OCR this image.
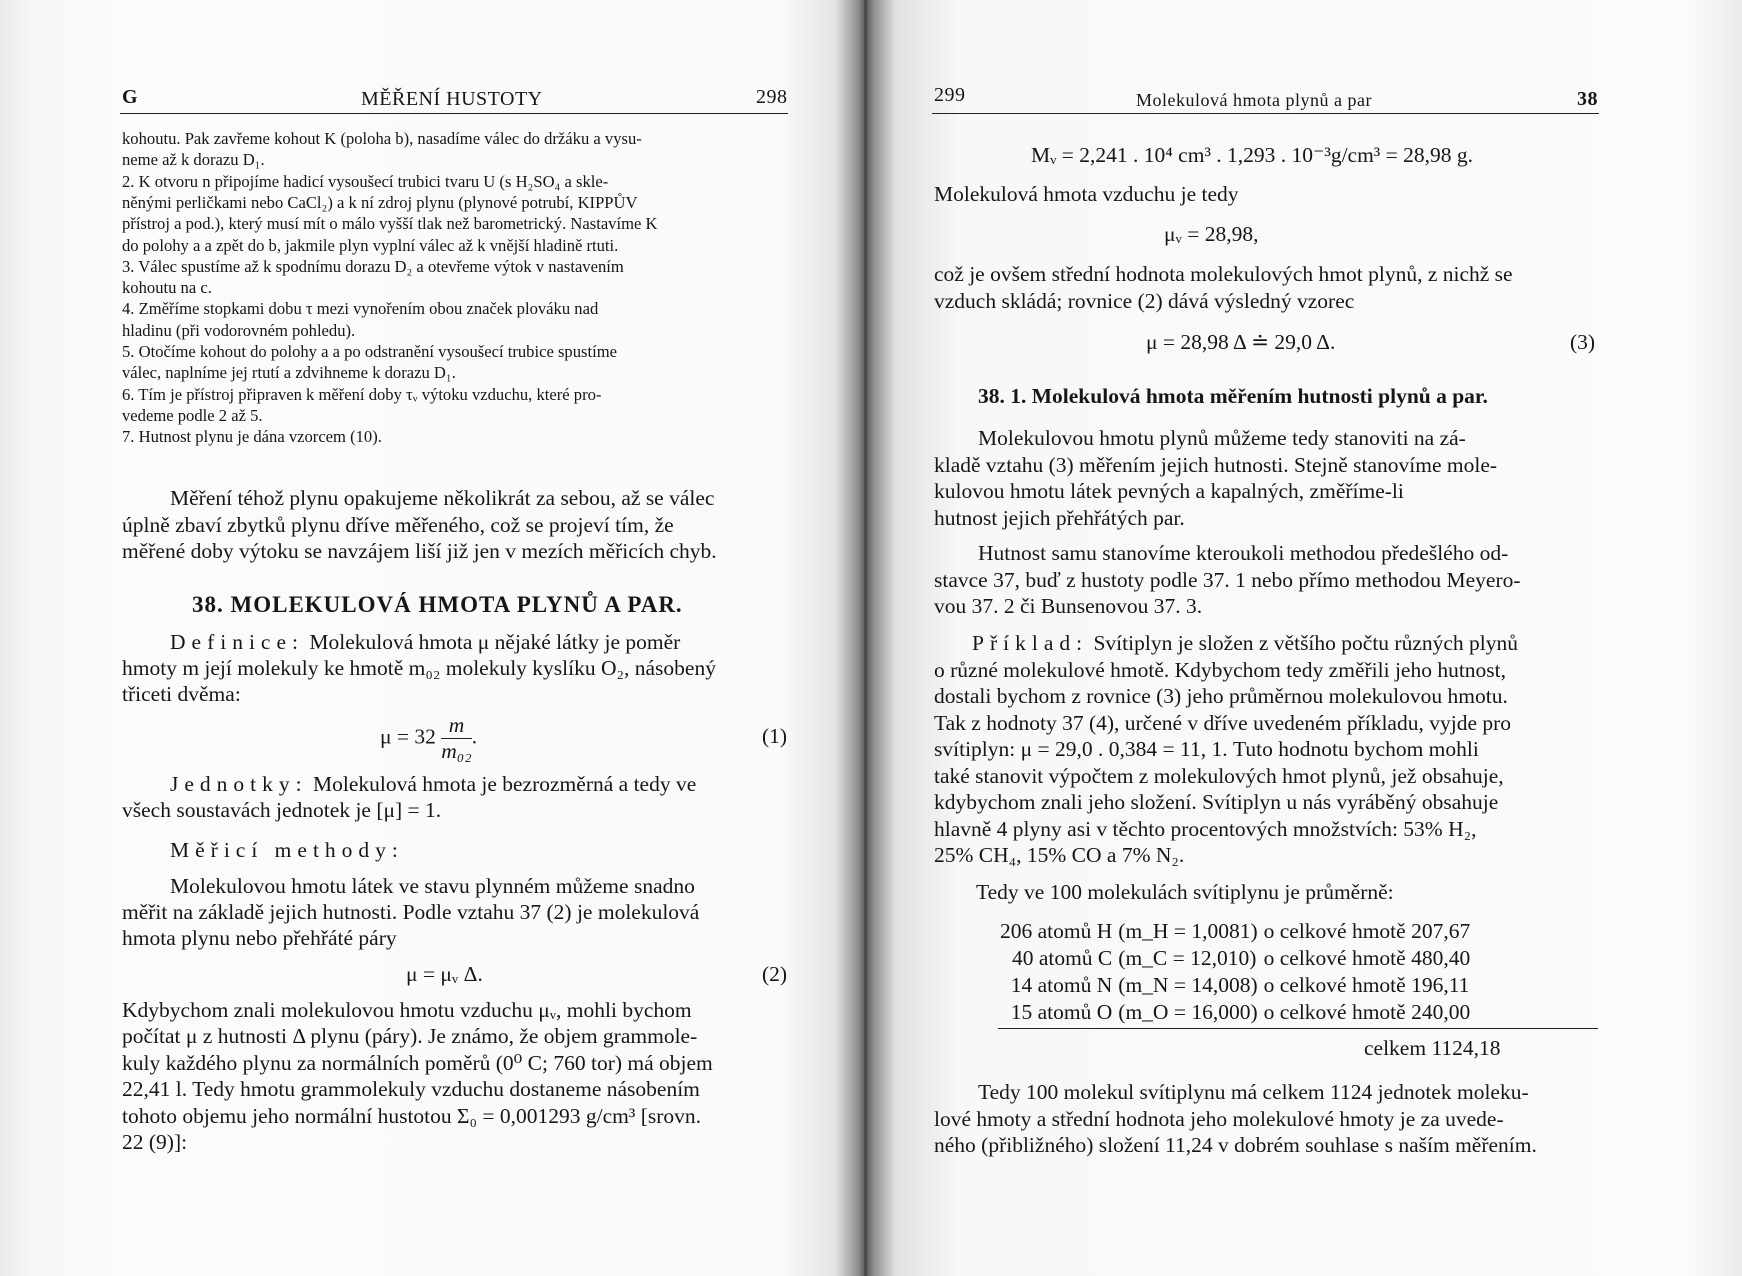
G	MĚŘENÍ HUSTOTY	298
kohoutu. Pak zavřeme kohout K (poloha b), nasadíme válec do držáku a vysu-
neme až k dorazu D₁.
2. K otvoru n připojíme hadicí vysoušecí trubici tvaru U (s H₂SO₄ a skle-
něnými perličkami nebo CaCl₂) a k ní zdroj plynu (plynové potrubí, KIPPŮV
přístroj a pod.), který musí mít o málo vyšší tlak než barometrický. Nastavíme K
do polohy a a zpět do b, jakmile plyn vyplní válec až k vnější hladině rtuti.
3. Válec spustíme až k spodnímu dorazu D₂ a otevřeme výtok v nastavením
kohoutu na c.
4. Změříme stopkami dobu τ mezi vynořením obou značek plováku nad
hladinu (při vodorovném pohledu).
5. Otočíme kohout do polohy a a po odstranění vysoušecí trubice spustíme
válec, naplníme jej rtutí a zdvihneme k dorazu D₁.
6. Tím je přístroj připraven k měření doby τᵥ výtoku vzduchu, které pro-
vedeme podle 2 až 5.
7. Hutnost plynu je dána vzorcem (10).
Měření téhož plynu opakujeme několikrát za sebou, až se válec
úplně zbaví zbytků plynu dříve měřeného, což se projeví tím, že
měřené doby výtoku se navzájem liší již jen v mezích měřicích chyb.
38. MOLEKULOVÁ HMOTA PLYNŮ A PAR.
Definice: Molekulová hmota μ nějaké látky je poměr
hmoty m její molekuly ke hmotě m₀₂ molekuly kyslíku O₂, násobený
třiceti dvěma:
$\mu = 32 \frac{m}{\text{m₀₂}}$ .	(1)
Jednotky: Molekulová hmota je bezrozměrná a tedy ve
všech soustavách jednotek je [μ] = 1.
Měřicí methody:
Molekulovou hmotu látek ve stavu plynném můžeme snadno
měřit na základě jejich hutnosti. Podle vztahu 37 (2) je molekulová
hmota plynu nebo přehřáté páry
μ = μᵥ Δ.	(2)
Kdybychom znali molekulovou hmotu vzduchu μᵥ, mohli bychom
počítat μ z hutnosti Δ plynu (páry). Je známo, že objem grammole-
kuly každého plynu za normálních poměrů (0⁰ C; 760 tor) má objem
22,41 l. Tedy hmotu grammolekuly vzduchu dostaneme násobením
tohoto objemu jeho normální hustotou Σ₀ = 0,001293 g/cm³ [srovn.
22 (9)]:
299	Molekulová hmota plynů a par	38
Mᵥ = 2,241 . 10⁴ cm³ . 1,293 . 10⁻³g/cm³ = 28,98 g.
Molekulová hmota vzduchu je tedy
μᵥ = 28,98,
což je ovšem střední hodnota molekulových hmot plynů, z nichž se
vzduch skládá; rovnice (2) dává výsledný vzorec
μ = 28,98 Δ ≐ 29,0 Δ.	(3)
38. 1. Molekulová hmota měřením hutnosti plynů a par.
Molekulovou hmotu plynů můžeme tedy stanoviti na zá-
kladě vztahu (3) měřením jejich hutnosti. Stejně stanovíme mole-
kulovou hmotu látek pevných a kapalných, změříme-li
hutnost jejich přehřátých par.
Hutnost samu stanovíme kteroukoli methodou předešlého od-
stavce 37, buď z hustoty podle 37. 1 nebo přímo methodou Meyero-
vou 37. 2 či Bunsenovou 37. 3.
Příklad: Svítiplyn je složen z většího počtu různých plynů
o různé molekulové hmotě. Kdybychom tedy změřili jeho hutnost,
dostali bychom z rovnice (3) jeho průměrnou molekulovou hmotu.
Tak z hodnoty 37 (4), určené v dříve uvedeném příkladu, vyjde pro
svítiplyn: μ = 29,0 . 0,384 = 11, 1. Tuto hodnotu bychom mohli
také stanovit výpočtem z molekulových hmot plynů, jež obsahuje,
kdybychom znali jeho složení. Svítiplyn u nás vyráběný obsahuje
hlavně 4 plyny asi v těchto procentových množstvích: 53% H₂,
25% CH₄, 15% CO a 7% N₂.
Tedy ve 100 molekulách svítiplynu je průměrně:
206 atomů H	(m_H = 1,0081)	o celkové hmotě 207,67
40 atomů C	(m_C = 12,010)	o celkové hmotě 480,40
14 atomů N	(m_N = 14,008)	o celkové hmotě 196,11
15 atomů O	(m_O = 16,000)	o celkové hmotě 240,00
celkem 1124,18
Tedy 100 molekul svítiplynu má celkem 1124 jednotek moleku-
lové hmoty a střední hodnota jeho molekulové hmoty je za uvede-
ného (přibližného) složení 11,24 v dobrém souhlase s naším měřením.
